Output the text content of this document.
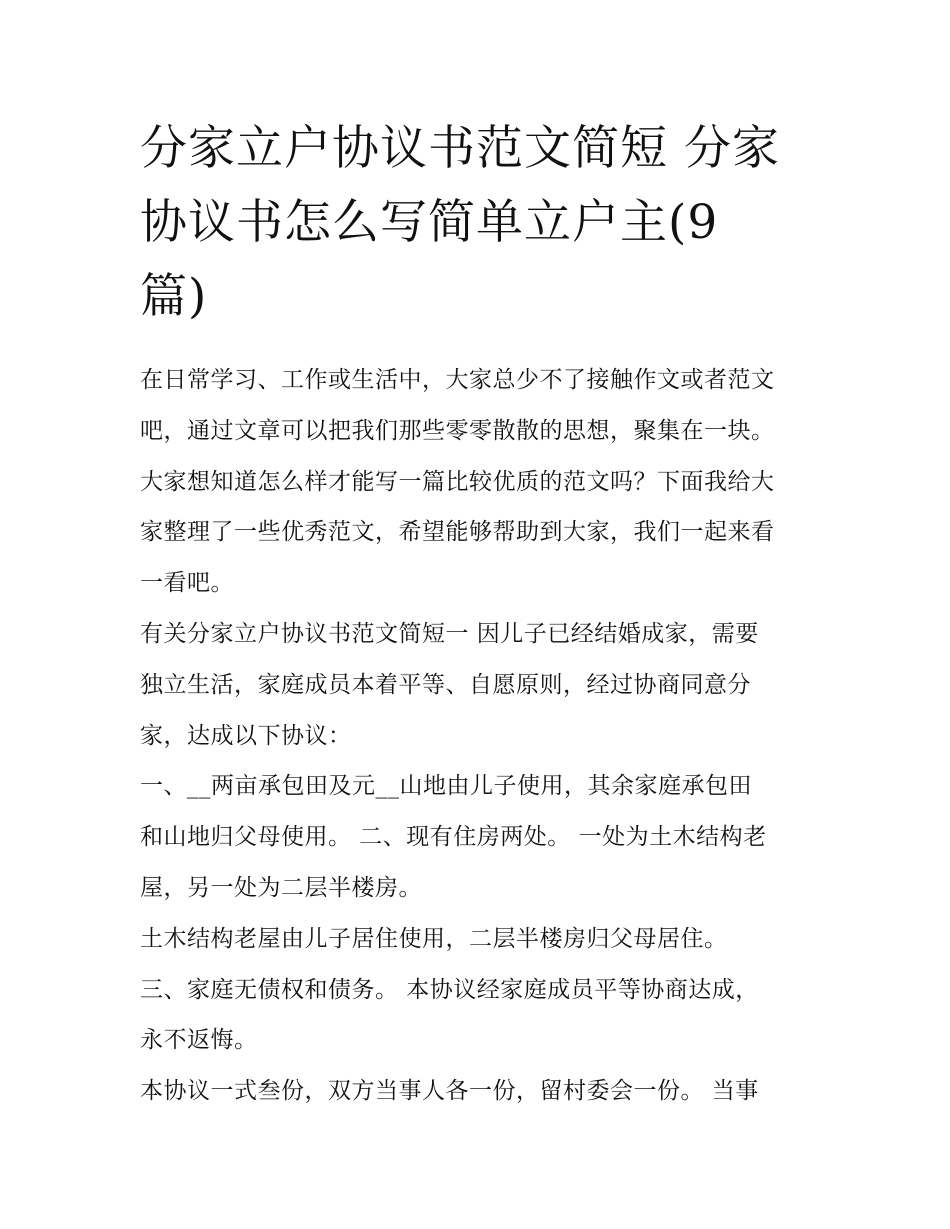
分家立户协议书范文简短 分家
协议书怎么写简单立户主(9
篇)
在日常学习、工作或生活中，大家总少不了接触作文或者范文
吧，通过文章可以把我们那些零零散散的思想，聚集在一块。
大家想知道怎么样才能写一篇比较优质的范文吗？下面我给大
家整理了一些优秀范文，希望能够帮助到大家，我们一起来看
一看吧。
有关分家立户协议书范文简短一 因儿子已经结婚成家，需要
独立生活，家庭成员本着平等、自愿原则，经过协商同意分
家，达成以下协议：
一、__两亩承包田及元__山地由儿子使用，其余家庭承包田
和山地归父母使用。 二、现有住房两处。 一处为土木结构老
屋，另一处为二层半楼房。
土木结构老屋由儿子居住使用，二层半楼房归父母居住。
三、家庭无债权和债务。 本协议经家庭成员平等协商达成，
永不返悔。
本协议一式叁份，双方当事人各一份，留村委会一份。 当事
